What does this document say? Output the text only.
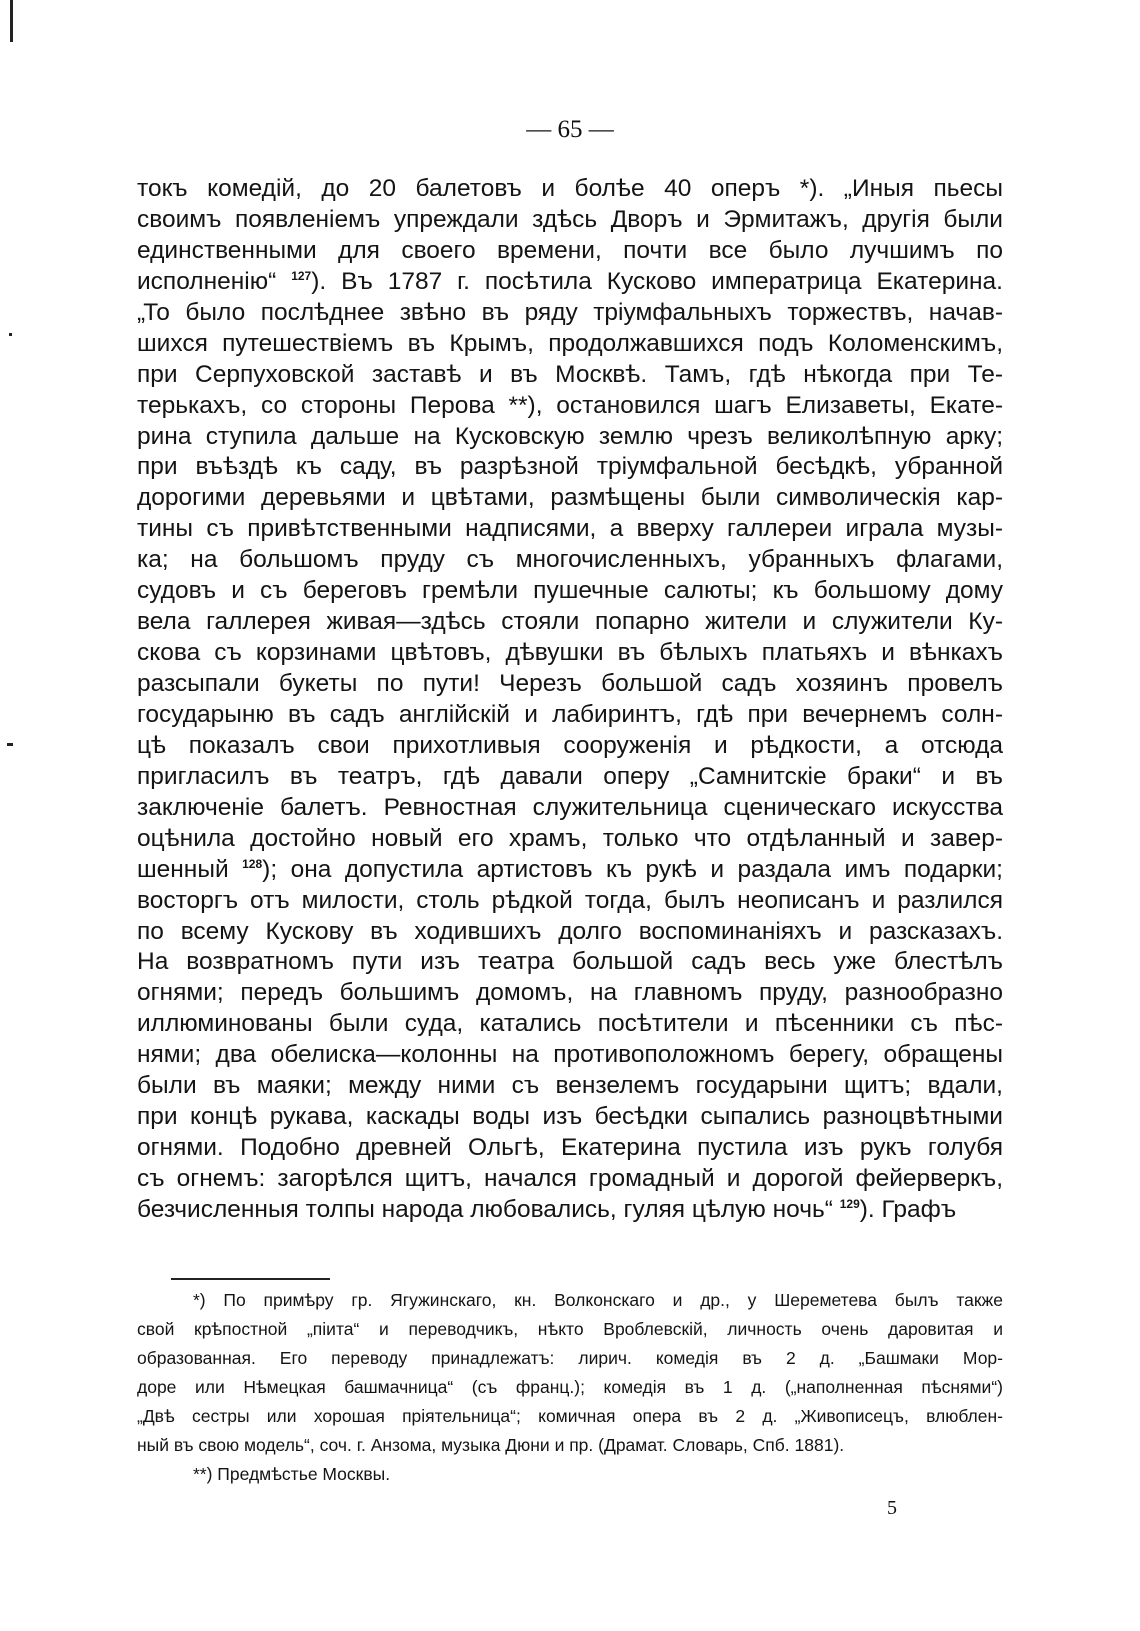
— 65 —
токъ комедій, до 20 балетовъ и болѣе 40 оперъ *). „Иныя пьесы
своимъ появленіемъ упреждали здѣсь Дворъ и Эрмитажъ, другія были
единственными для своего времени, почти все было лучшимъ по
исполненію“ $^{127}$). Въ 1787 г. посѣтила Кусково императрица Екатерина.
„То было послѣднее звѣно въ ряду тріумфальныхъ торжествъ, начав-
шихся путешествіемъ въ Крымъ, продолжавшихся подъ Коломенскимъ,
при Серпуховской заставѣ и въ Москвѣ. Тамъ, гдѣ нѣкогда при Те-
терькахъ, со стороны Перова **), остановился шагъ Елизаветы, Екате-
рина ступила дальше на Кусковскую землю чрезъ великолѣпную арку;
при въѣздѣ къ саду, въ разрѣзной тріумфальной бесѣдкѣ, убранной
дорогими деревьями и цвѣтами, размѣщены были символическія кар-
тины съ привѣтственными надписями, а вверху галлереи играла музы-
ка; на большомъ пруду съ многочисленныхъ, убранныхъ флагами,
судовъ и съ береговъ гремѣли пушечные салюты; къ большому дому
вела галлерея живая—здѣсь стояли попарно жители и служители Ку-
скова съ корзинами цвѣтовъ, дѣвушки въ бѣлыхъ платьяхъ и вѣнкахъ
разсыпали букеты по пути! Черезъ большой садъ хозяинъ провелъ
государыню въ садъ англійскій и лабиринтъ, гдѣ при вечернемъ солн-
цѣ показалъ свои прихотливыя сооруженія и рѣдкости, а отсюда
пригласилъ въ театръ, гдѣ давали оперу „Самнитскіе браки“ и въ
заключеніе балетъ. Ревностная служительница сценическаго искусства
оцѣнила достойно новый его храмъ, только что отдѣланный и завер-
шенный $^{128}$); она допустила артистовъ къ рукѣ и раздала имъ подарки;
восторгъ отъ милости, столь рѣдкой тогда, былъ неописанъ и разлился
по всему Кускову въ ходившихъ долго воспоминаніяхъ и разсказахъ.
На возвратномъ пути изъ театра большой садъ весь уже блестѣлъ
огнями; передъ большимъ домомъ, на главномъ пруду, разнообразно
иллюминованы были суда, катались посѣтители и пѣсенники съ пѣс-
нями; два обелиска—колонны на противоположномъ берегу, обращены
были въ маяки; между ними съ вензелемъ государыни щитъ; вдали,
при концѣ рукава, каскады воды изъ бесѣдки сыпались разноцвѣтными
огнями. Подобно древней Ольгѣ, Екатерина пустила изъ рукъ голубя
съ огнемъ: загорѣлся щитъ, начался громадный и дорогой фейерверкъ,
безчисленныя толпы народа любовались, гуляя цѣлую ночь“ $^{129}$). Графъ
*) По примѣру гр. Ягужинскаго, кн. Волконскаго и др., у Шереметева былъ также
свой крѣпостной „піита“ и переводчикъ, нѣкто Вроблевскій, личность очень даровитая и
образованная. Его переводу принадлежатъ: лирич. комедія въ 2 д. „Башмаки Мор-
доре или Нѣмецкая башмачница“ (съ франц.); комедія въ 1 д. („наполненная пѣснями“)
„Двѣ сестры или хорошая пріятельница“; комичная опера въ 2 д. „Живописецъ, влюблен-
ный въ свою модель“, соч. г. Анзома, музыка Дюни и пр. (Драмат. Словарь, Спб. 1881).
**) Предмѣстье Москвы.
5
